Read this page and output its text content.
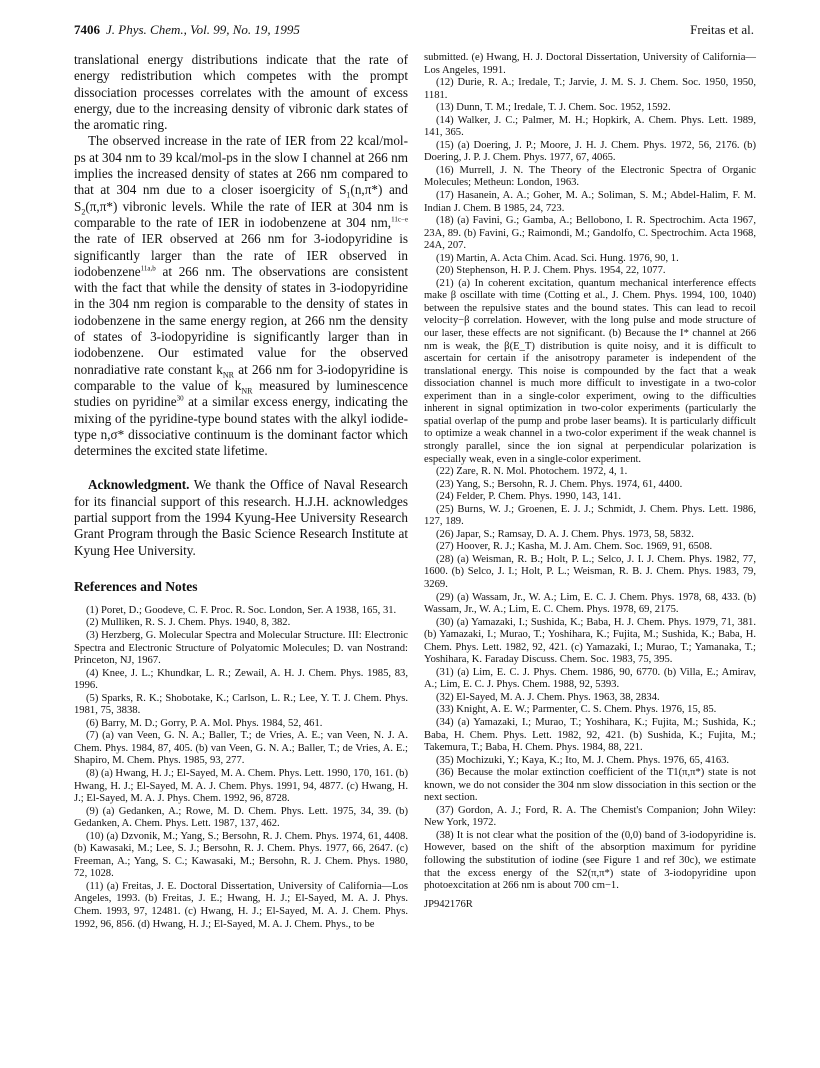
7406 J. Phys. Chem., Vol. 99, No. 19, 1995	Freitas et al.

translational energy distributions indicate that the rate of energy redistribution which competes with the prompt dissociation processes correlates with the amount of excess energy, due to the increasing density of vibronic dark states of the aromatic ring.

The observed increase in the rate of IER from 22 kcal/mol-ps at 304 nm to 39 kcal/mol-ps in the slow I channel at 266 nm implies the increased density of states at 266 nm compared to that at 304 nm due to a closer isoergicity of $S_1(n,\pi*)$ and $S_2(\pi,\pi*)$ vibronic levels. While the rate of IER at 304 nm is comparable to the rate of IER in iodobenzene at 304 nm,$^{11c-e}$ the rate of IER observed at 266 nm for 3-iodopyridine is significantly larger than the rate of IER observed in iodobenzene$^{11a,b}$ at 266 nm. The observations are consistent with the fact that while the density of states in 3-iodopyridine in the 304 nm region is comparable to the density of states in iodobenzene in the same energy region, at 266 nm the density of states of 3-iodopyridine is significantly larger than in iodobenzene. Our estimated value for the observed nonradiative rate constant $k_{NR}$ at 266 nm for 3-iodopyridine is comparable to the value of $k_{NR}$ measured by luminescence studies on pyridine$^{30}$ at a similar excess energy, indicating the mixing of the pyridine-type bound states with the alkyl iodide-type n,σ* dissociative continuum is the dominant factor which determines the excited state lifetime.

Acknowledgment. We thank the Office of Naval Research for its financial support of this research. H.J.H. acknowledges partial support from the 1994 Kyung-Hee University Research Grant Program through the Basic Science Research Institute at Kyung Hee University.

References and Notes

(1) Poret, D.; Goodeve, C. F. Proc. R. Soc. London, Ser. A 1938, 165, 31.

(2) Mulliken, R. S. J. Chem. Phys. 1940, 8, 382.

(3) Herzberg, G. Molecular Spectra and Molecular Structure. III: Electronic Spectra and Electronic Structure of Polyatomic Molecules; D. van Nostrand: Princeton, NJ, 1967.

(4) Knee, J. L.; Khundkar, L. R.; Zewail, A. H. J. Chem. Phys. 1985, 83, 1996.

(5) Sparks, R. K.; Shobotake, K.; Carlson, L. R.; Lee, Y. T. J. Chem. Phys. 1981, 75, 3838.

(6) Barry, M. D.; Gorry, P. A. Mol. Phys. 1984, 52, 461.

(7) (a) van Veen, G. N. A.; Baller, T.; de Vries, A. E.; van Veen, N. J. A. Chem. Phys. 1984, 87, 405. (b) van Veen, G. N. A.; Baller, T.; de Vries, A. E.; Shapiro, M. Chem. Phys. 1985, 93, 277.

(8) (a) Hwang, H. J.; El-Sayed, M. A. Chem. Phys. Lett. 1990, 170, 161. (b) Hwang, H. J.; El-Sayed, M. A. J. Chem. Phys. 1991, 94, 4877. (c) Hwang, H. J.; El-Sayed, M. A. J. Phys. Chem. 1992, 96, 8728.

(9) (a) Gedanken, A.; Rowe, M. D. Chem. Phys. Lett. 1975, 34, 39. (b) Gedanken, A. Chem. Phys. Lett. 1987, 137, 462.

(10) (a) Dzvonik, M.; Yang, S.; Bersohn, R. J. Chem. Phys. 1974, 61, 4408. (b) Kawasaki, M.; Lee, S. J.; Bersohn, R. J. Chem. Phys. 1977, 66, 2647. (c) Freeman, A.; Yang, S. C.; Kawasaki, M.; Bersohn, R. J. Chem. Phys. 1980, 72, 1028.

(11) (a) Freitas, J. E. Doctoral Dissertation, University of California—Los Angeles, 1993. (b) Freitas, J. E.; Hwang, H. J.; El-Sayed, M. A. J. Phys. Chem. 1993, 97, 12481. (c) Hwang, H. J.; El-Sayed, M. A. J. Chem. Phys. 1992, 96, 856. (d) Hwang, H. J.; El-Sayed, M. A. J. Chem. Phys., to be

submitted. (e) Hwang, H. J. Doctoral Dissertation, University of California—Los Angeles, 1991.

(12) Durie, R. A.; Iredale, T.; Jarvie, J. M. S. J. Chem. Soc. 1950, 1950, 1181.

(13) Dunn, T. M.; Iredale, T. J. Chem. Soc. 1952, 1592.

(14) Walker, J. C.; Palmer, M. H.; Hopkirk, A. Chem. Phys. Lett. 1989, 141, 365.

(15) (a) Doering, J. P.; Moore, J. H. J. Chem. Phys. 1972, 56, 2176. (b) Doering, J. P. J. Chem. Phys. 1977, 67, 4065.

(16) Murrell, J. N. The Theory of the Electronic Spectra of Organic Molecules; Metheun: London, 1963.

(17) Hasanein, A. A.; Goher, M. A.; Soliman, S. M.; Abdel-Halim, F. M. Indian J. Chem. B 1985, 24, 723.

(18) (a) Favini, G.; Gamba, A.; Bellobono, I. R. Spectrochim. Acta 1967, 23A, 89. (b) Favini, G.; Raimondi, M.; Gandolfo, C. Spectrochim. Acta 1968, 24A, 207.

(19) Martin, A. Acta Chim. Acad. Sci. Hung. 1976, 90, 1.

(20) Stephenson, H. P. J. Chem. Phys. 1954, 22, 1077.

(21) (a) In coherent excitation, quantum mechanical interference effects make β oscillate with time (Cotting et al., J. Chem. Phys. 1994, 100, 1040) between the repulsive states and the bound states. This can lead to recoil velocity−β correlation. However, with the long pulse and mode structure of our laser, these effects are not significant. (b) Because the I* channel at 266 nm is weak, the β(E_T) distribution is quite noisy, and it is difficult to ascertain for certain if the anisotropy parameter is independent of the translational energy. This noise is compounded by the fact that a weak dissociation channel is much more difficult to investigate in a two-color experiment than in a single-color experiment, owing to the difficulties inherent in signal optimization in two-color experiments (particularly the spatial overlap of the pump and probe laser beams). It is particularly difficult to optimize a weak channel in a two-color experiment if the weak channel is strongly parallel, since the ion signal at perpendicular polarization is especially weak, even in a single-color experiment.

(22) Zare, R. N. Mol. Photochem. 1972, 4, 1.

(23) Yang, S.; Bersohn, R. J. Chem. Phys. 1974, 61, 4400.

(24) Felder, P. Chem. Phys. 1990, 143, 141.

(25) Burns, W. J.; Groenen, E. J. J.; Schmidt, J. Chem. Phys. Lett. 1986, 127, 189.

(26) Japar, S.; Ramsay, D. A. J. Chem. Phys. 1973, 58, 5832.

(27) Hoover, R. J.; Kasha, M. J. Am. Chem. Soc. 1969, 91, 6508.

(28) (a) Weisman, R. B.; Holt, P. L.; Selco, J. I. J. Chem. Phys. 1982, 77, 1600. (b) Selco, J. I.; Holt, P. L.; Weisman, R. B. J. Chem. Phys. 1983, 79, 3269.

(29) (a) Wassam, Jr., W. A.; Lim, E. C. J. Chem. Phys. 1978, 68, 433. (b) Wassam, Jr., W. A.; Lim, E. C. Chem. Phys. 1978, 69, 2175.

(30) (a) Yamazaki, I.; Sushida, K.; Baba, H. J. Chem. Phys. 1979, 71, 381. (b) Yamazaki, I.; Murao, T.; Yoshihara, K.; Fujita, M.; Sushida, K.; Baba, H. Chem. Phys. Lett. 1982, 92, 421. (c) Yamazaki, I.; Murao, T.; Yamanaka, T.; Yoshihara, K. Faraday Discuss. Chem. Soc. 1983, 75, 395.

(31) (a) Lim, E. C. J. Phys. Chem. 1986, 90, 6770. (b) Villa, E.; Amirav, A.; Lim, E. C. J. Phys. Chem. 1988, 92, 5393.

(32) El-Sayed, M. A. J. Chem. Phys. 1963, 38, 2834.

(33) Knight, A. E. W.; Parmenter, C. S. Chem. Phys. 1976, 15, 85.

(34) (a) Yamazaki, I.; Murao, T.; Yoshihara, K.; Fujita, M.; Sushida, K.; Baba, H. Chem. Phys. Lett. 1982, 92, 421. (b) Sushida, K.; Fujita, M.; Takemura, T.; Baba, H. Chem. Phys. 1984, 88, 221.

(35) Mochizuki, Y.; Kaya, K.; Ito, M. J. Chem. Phys. 1976, 65, 4163.

(36) Because the molar extinction coefficient of the T1(π,π*) state is not known, we do not consider the 304 nm slow dissociation in this section or the next section.

(37) Gordon, A. J.; Ford, R. A. The Chemist's Companion; John Wiley: New York, 1972.

(38) It is not clear what the position of the (0,0) band of 3-iodopyridine is. However, based on the shift of the absorption maximum for pyridine following the substitution of iodine (see Figure 1 and ref 30c), we estimate that the excess energy of the S2(π,π*) state of 3-iodopyridine upon photoexcitation at 266 nm is about 700 cm−1.

JP942176R
